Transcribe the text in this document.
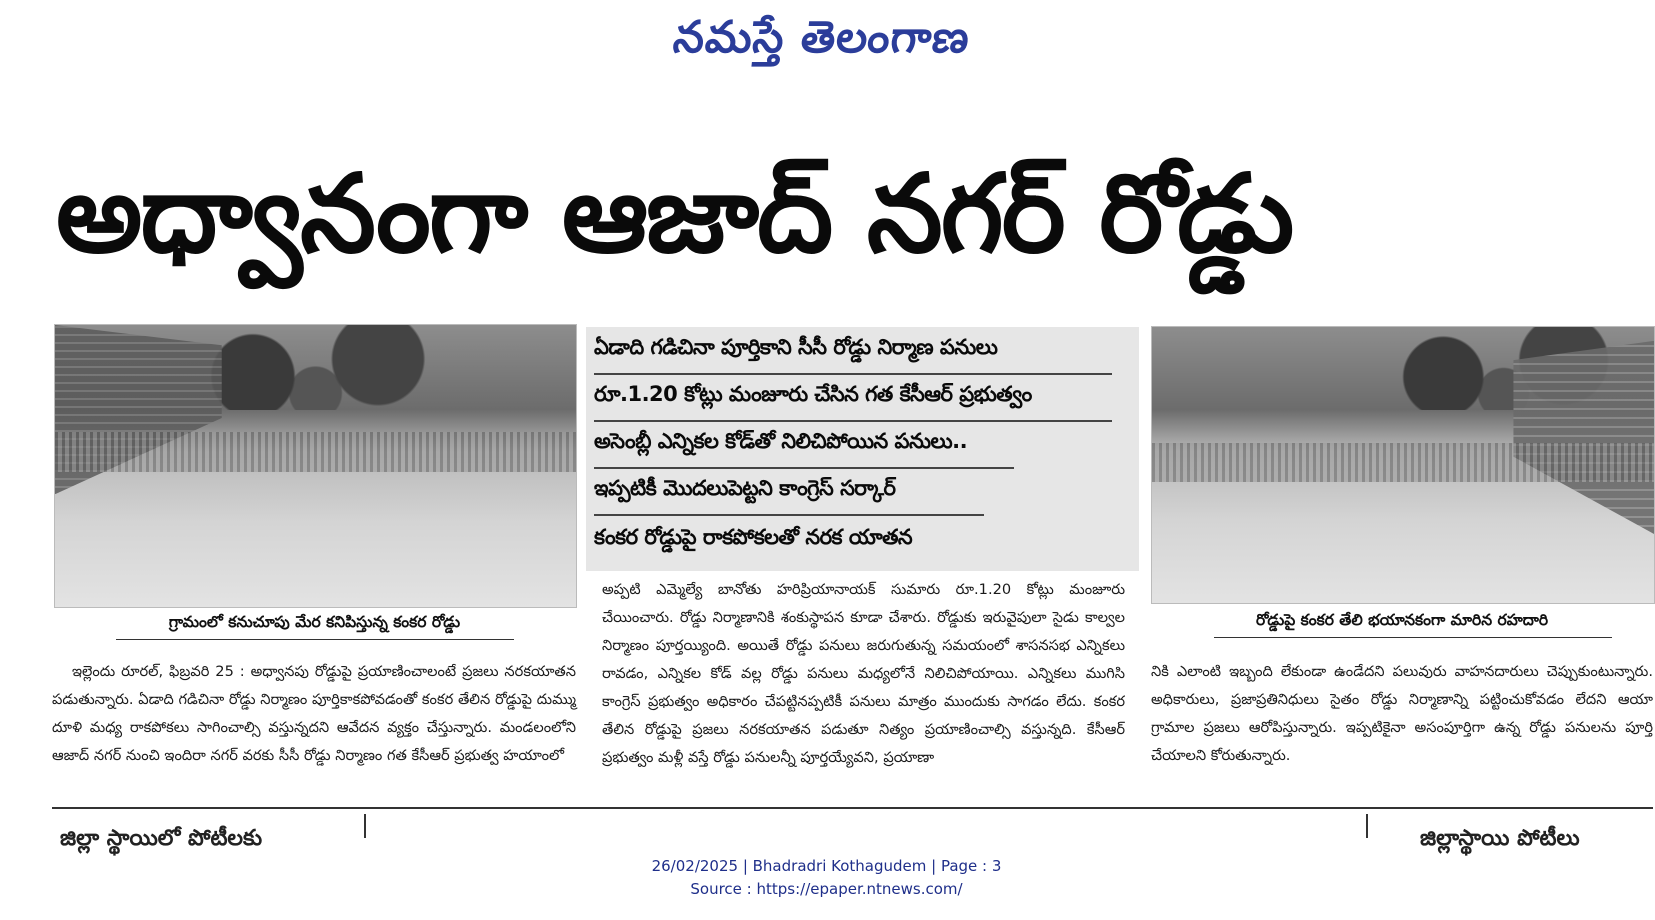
నమస్తే తెలంగాణ
అధ్వానంగా ఆజాద్ నగర్ రోడ్డు
గ్రామంలో కనుచూపు మేర కనిపిస్తున్న కంకర రోడ్డు
ఏడాది గడిచినా పూర్తికాని సీసీ రోడ్డు నిర్మాణ పనులు
రూ.1.20 కోట్లు మంజూరు చేసిన గత కేసీఆర్ ప్రభుత్వం
అసెంబ్లీ ఎన్నికల కోడ్‌తో నిలిచిపోయిన పనులు..
ఇప్పటికీ మొదలుపెట్టని కాంగ్రెస్ సర్కార్
కంకర రోడ్డుపై రాకపోకలతో నరక యాతన
రోడ్డుపై కంకర తేలి భయానకంగా మారిన రహదారి

ఇల్లెందు రూరల్, ఫిబ్రవరి 25 : అధ్వానపు రోడ్డుపై ప్రయాణించాలంటే ప్రజలు నరకయాతన పడుతున్నారు. ఏడాది గడిచినా రోడ్డు నిర్మాణం పూర్తికాకపోవడంతో కంకర తేలిన రోడ్డుపై దుమ్ము దూళి మధ్య రాకపోకలు సాగించాల్సి వస్తున్నదని ఆవేదన వ్యక్తం చేస్తున్నారు. మండలంలోని ఆజాద్ నగర్ నుంచి ఇందిరా నగర్ వరకు సీసీ రోడ్డు నిర్మాణం గత కేసీఆర్ ప్రభుత్వ హయాంలో

అప్పటి ఎమ్మెల్యే బానోతు హరిప్రియానాయక్ సుమారు రూ.1.20 కోట్లు మంజూరు చేయించారు. రోడ్డు నిర్మాణానికి శంకుస్థాపన కూడా చేశారు. రోడ్డుకు ఇరువైపులా సైడు కాల్వల నిర్మాణం పూర్తయ్యింది. అయితే రోడ్డు పనులు జరుగుతున్న సమయంలో శాసనసభ ఎన్నికలు రావడం, ఎన్నికల కోడ్ వల్ల రోడ్డు పనులు మధ్యలోనే నిలిచిపోయాయి. ఎన్నికలు ముగిసి కాంగ్రెస్ ప్రభుత్వం అధికారం చేపట్టినప్పటికీ పనులు మాత్రం ముందుకు సాగడం లేదు. కంకర తేలిన రోడ్డుపై ప్రజలు నరకయాతన పడుతూ నిత్యం ప్రయాణించాల్సి వస్తున్నది. కేసీఆర్ ప్రభుత్వం మళ్లీ వస్తే రోడ్డు పనులన్నీ పూర్తయ్యేవని, ప్రయాణా

నికి ఎలాంటి ఇబ్బంది లేకుండా ఉండేదని పలువురు వాహనదారులు చెప్పుకుంటున్నారు. అధికారులు, ప్రజాప్రతినిధులు సైతం రోడ్డు నిర్మాణాన్ని పట్టించుకోవడం లేదని ఆయా గ్రామాల ప్రజలు ఆరోపిస్తున్నారు. ఇప్పటికైనా అసంపూర్తిగా ఉన్న రోడ్డు పనులను పూర్తి చేయాలని కోరుతున్నారు.

జిల్లా స్థాయిలో పోటీలకు	జిల్లాస్థాయి పోటీలు
26/02/2025 | Bhadradri Kothagudem | Page : 3
Source : https://epaper.ntnews.com/
